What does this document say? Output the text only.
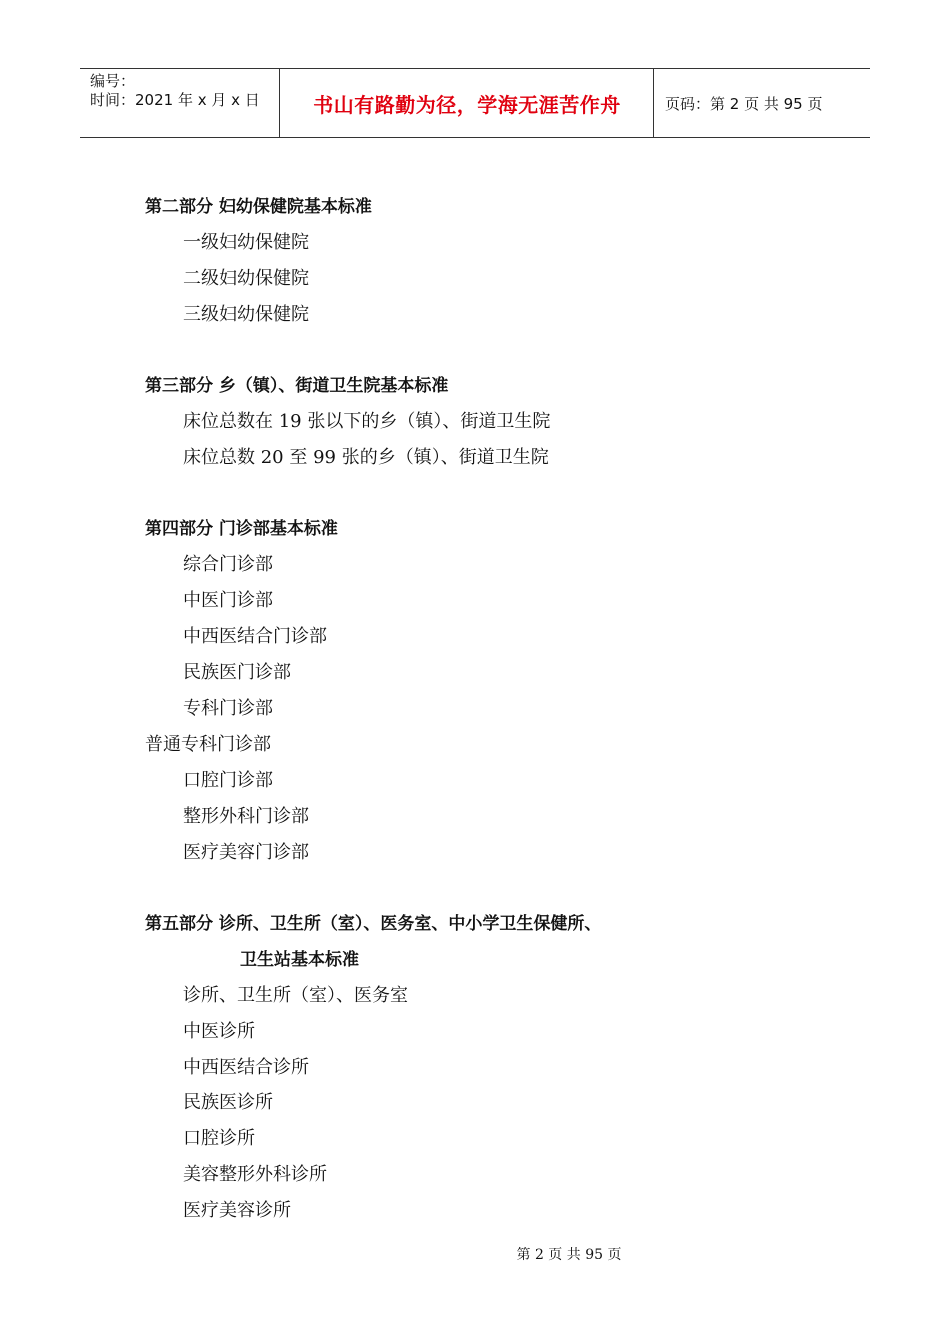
编号：
时间：2021 年 x 月 x 日	书山有路勤为径，学海无涯苦作舟	页码：第 2 页 共 95 页
第二部分 妇幼保健院基本标准
一级妇幼保健院
二级妇幼保健院
三级妇幼保健院
第三部分 乡（镇）、街道卫生院基本标准
床位总数在 19 张以下的乡（镇）、街道卫生院
床位总数 20 至 99 张的乡（镇）、街道卫生院
第四部分 门诊部基本标准
综合门诊部
中医门诊部
中西医结合门诊部
民族医门诊部
专科门诊部
普通专科门诊部
口腔门诊部
整形外科门诊部
医疗美容门诊部
第五部分 诊所、卫生所（室）、医务室、中小学卫生保健所、
卫生站基本标准
诊所、卫生所（室）、医务室
中医诊所
中西医结合诊所
民族医诊所
口腔诊所
美容整形外科诊所
医疗美容诊所
第 2 页 共 95 页
